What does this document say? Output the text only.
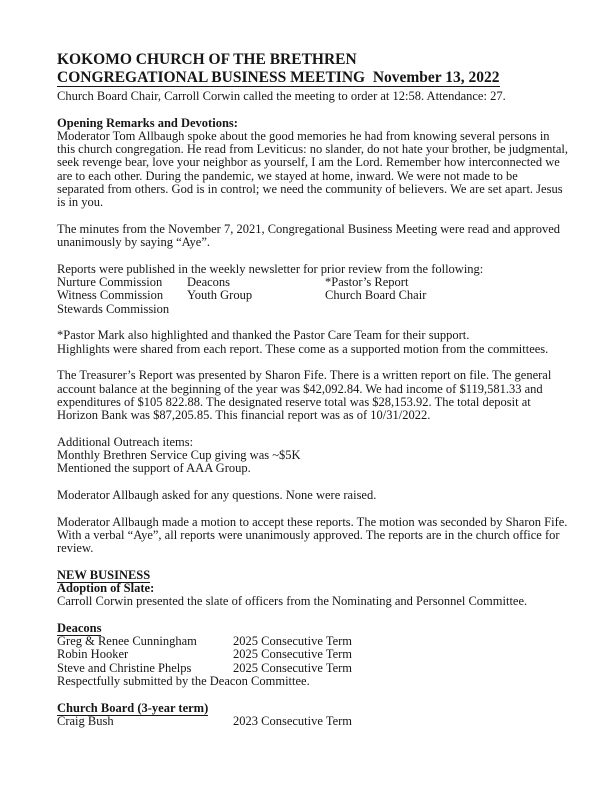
KOKOMO CHURCH OF THE BRETHREN
CONGREGATIONAL BUSINESS MEETING  November 13, 2022

Church Board Chair, Carroll Corwin called the meeting to order at 12:58. Attendance: 27.

Opening Remarks and Devotions:
Moderator Tom Allbaugh spoke about the good memories he had from knowing several persons in this church congregation. He read from Leviticus: no slander, do not hate your brother, be judgmental, seek revenge bear, love your neighbor as yourself, I am the Lord. Remember how interconnected we are to each other. During the pandemic, we stayed at home, inward. We were not made to be separated from others. God is in control; we need the community of believers. We are set apart. Jesus is in you.

The minutes from the November 7, 2021, Congregational Business Meeting were read and approved unanimously by saying “Aye”.

Reports were published in the weekly newsletter for prior review from the following:
Nurture Commission	Deacons	*Pastor’s Report
Witness Commission	Youth Group	Church Board Chair
Stewards Commission
*Pastor Mark also highlighted and thanked the Pastor Care Team for their support.
Highlights were shared from each report. These come as a supported motion from the committees.

The Treasurer’s Report was presented by Sharon Fife. There is a written report on file. The general account balance at the beginning of the year was $42,092.84. We had income of $119,581.33 and expenditures of $105 822.88. The designated reserve total was $28,153.92. The total deposit at Horizon Bank was $87,205.85. This financial report was as of 10/31/2022.

Additional Outreach items:
Monthly Brethren Service Cup giving was ~$5K
Mentioned the support of AAA Group.

Moderator Allbaugh asked for any questions. None were raised.

Moderator Allbaugh made a motion to accept these reports. The motion was seconded by Sharon Fife. With a verbal “Aye”, all reports were unanimously approved. The reports are in the church office for review.

NEW BUSINESS
Adoption of Slate:
Carroll Corwin presented the slate of officers from the Nominating and Personnel Committee.
Deacons
Greg & Renee Cunningham	2025 Consecutive Term
Robin Hooker	2025 Consecutive Term
Steve and Christine Phelps	2025 Consecutive Term
Respectfully submitted by the Deacon Committee.
Church Board (3-year term)
Craig Bush	2023 Consecutive Term
